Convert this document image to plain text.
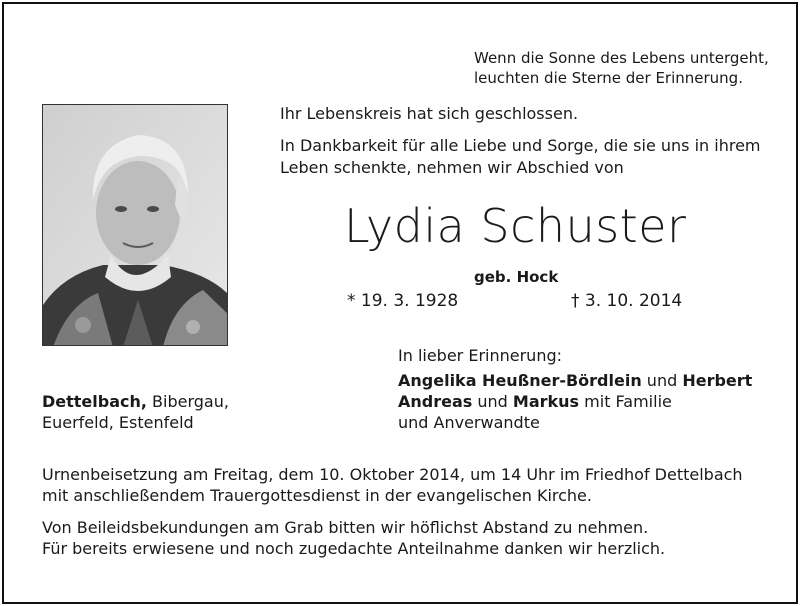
Wenn die Sonne des Lebens untergeht,
leuchten die Sterne der Erinnerung.
Ihr Lebenskreis hat sich geschlossen.
In Dankbarkeit für alle Liebe und Sorge, die sie uns in ihrem
Leben schenkte, nehmen wir Abschied von
Lydia Schuster
geb. Hock
* 19. 3. 1928	† 3. 10. 2014
In lieber Erinnerung:
Angelika Heußner-Bördlein und Herbert
Andreas und Markus mit Familie
und Anverwandte
Dettelbach, Bibergau,
Euerfeld, Estenfeld
Urnenbeisetzung am Freitag, dem 10. Oktober 2014, um 14 Uhr im Friedhof Dettelbach
mit anschließendem Trauergottesdienst in der evangelischen Kirche.
Von Beileidsbekundungen am Grab bitten wir höflichst Abstand zu nehmen.
Für bereits erwiesene und noch zugedachte Anteilnahme danken wir herzlich.
